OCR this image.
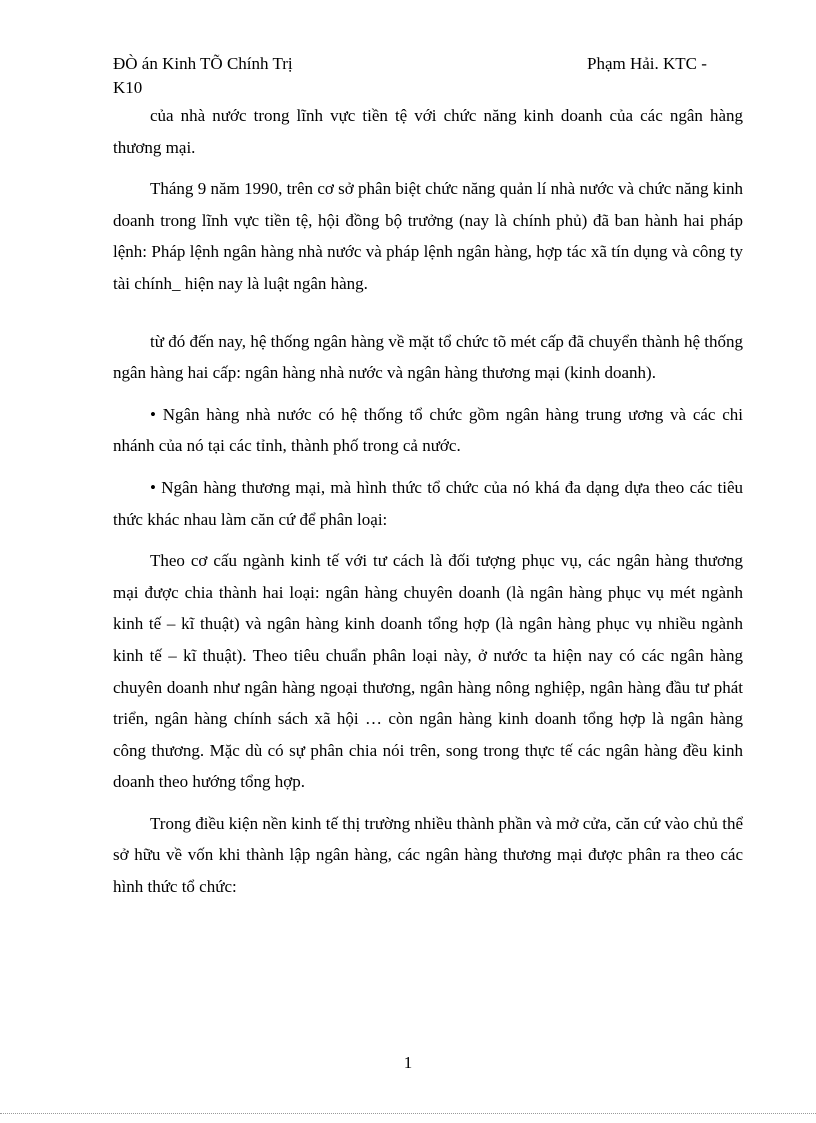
ĐÒ án Kinh TÕ Chính Trị	Phạm Hải. KTC -
K10

của nhà nước trong lĩnh vực tiền tệ với chức năng kinh doanh của các ngân hàng thương mại.

Tháng 9 năm 1990, trên cơ sở phân biệt chức năng quản lí nhà nước và chức năng kinh doanh trong lĩnh vực tiền tệ, hội đồng bộ trưởng (nay là chính phủ) đã ban hành hai pháp lệnh: Pháp lệnh ngân hàng nhà nước và pháp lệnh ngân hàng, hợp tác xã tín dụng và công ty tài chính_ hiện nay là luật ngân hàng.

từ đó đến nay, hệ thống ngân hàng về mặt tổ chức tõ mét cấp đã chuyển thành hệ thống ngân hàng hai cấp: ngân hàng nhà nước và ngân hàng thương mại (kinh doanh).

• Ngân hàng nhà nước có hệ thống tổ chức gồm ngân hàng trung ương và các chi nhánh của nó tại các tỉnh, thành phố trong cả nước.

• Ngân hàng thương mại, mà hình thức tổ chức của nó khá đa dạng dựa theo các tiêu thức khác nhau làm căn cứ để phân loại:

Theo cơ cấu ngành kinh tế với tư cách là đối tượng phục vụ, các ngân hàng thương mại được chia thành hai loại: ngân hàng chuyên doanh (là ngân hàng phục vụ mét ngành kinh tế – kĩ thuật) và ngân hàng kinh doanh tổng hợp (là ngân hàng phục vụ nhiều ngành kinh tế – kĩ thuật). Theo tiêu chuẩn phân loại này, ở nước ta hiện nay có các ngân hàng chuyên doanh như ngân hàng ngoại thương, ngân hàng nông nghiệp, ngân hàng đầu tư phát triển, ngân hàng chính sách xã hội … còn ngân hàng kinh doanh tổng hợp là ngân hàng công thương. Mặc dù có sự phân chia nói trên, song trong thực tế các ngân hàng đều kinh doanh theo hướng tổng hợp.

Trong điều kiện nền kinh tế thị trường nhiều thành phần và mở cửa, căn cứ vào chủ thể sở hữu về vốn khi thành lập ngân hàng, các ngân hàng thương mại được phân ra theo các hình thức tổ chức:

1
